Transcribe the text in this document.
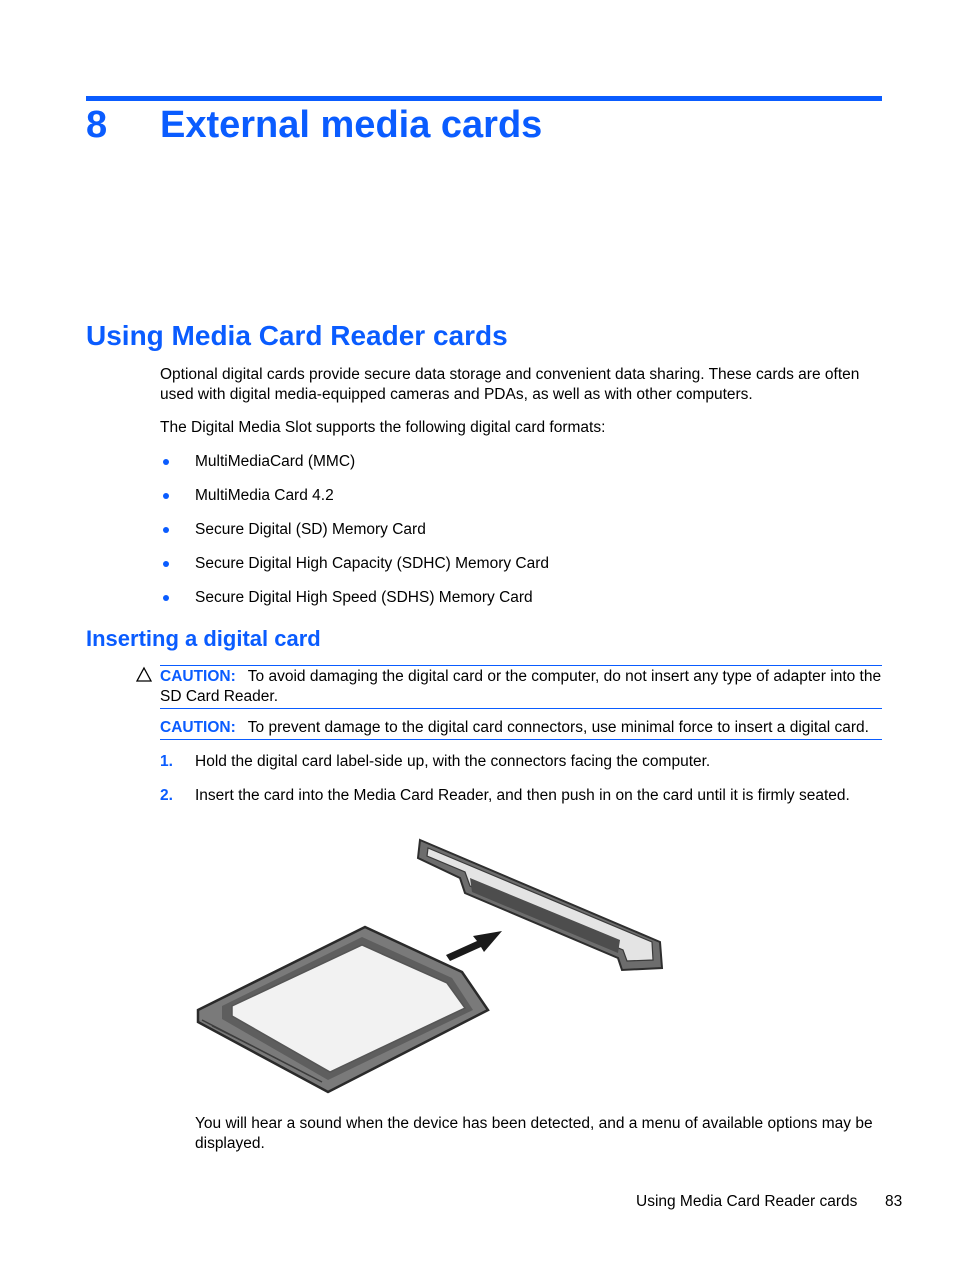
8 External media cards
Using Media Card Reader cards
Optional digital cards provide secure data storage and convenient data sharing. These cards are often used with digital media-equipped cameras and PDAs, as well as with other computers.
The Digital Media Slot supports the following digital card formats:
MultiMediaCard (MMC)
MultiMedia Card 4.2
Secure Digital (SD) Memory Card
Secure Digital High Capacity (SDHC) Memory Card
Secure Digital High Speed (SDHS) Memory Card
Inserting a digital card
CAUTION: To avoid damaging the digital card or the computer, do not insert any type of adapter into the SD Card Reader.
CAUTION: To prevent damage to the digital card connectors, use minimal force to insert a digital card.
1. Hold the digital card label-side up, with the connectors facing the computer.
2. Insert the card into the Media Card Reader, and then push in on the card until it is firmly seated.
You will hear a sound when the device has been detected, and a menu of available options may be displayed.
Using Media Card Reader cards 83
